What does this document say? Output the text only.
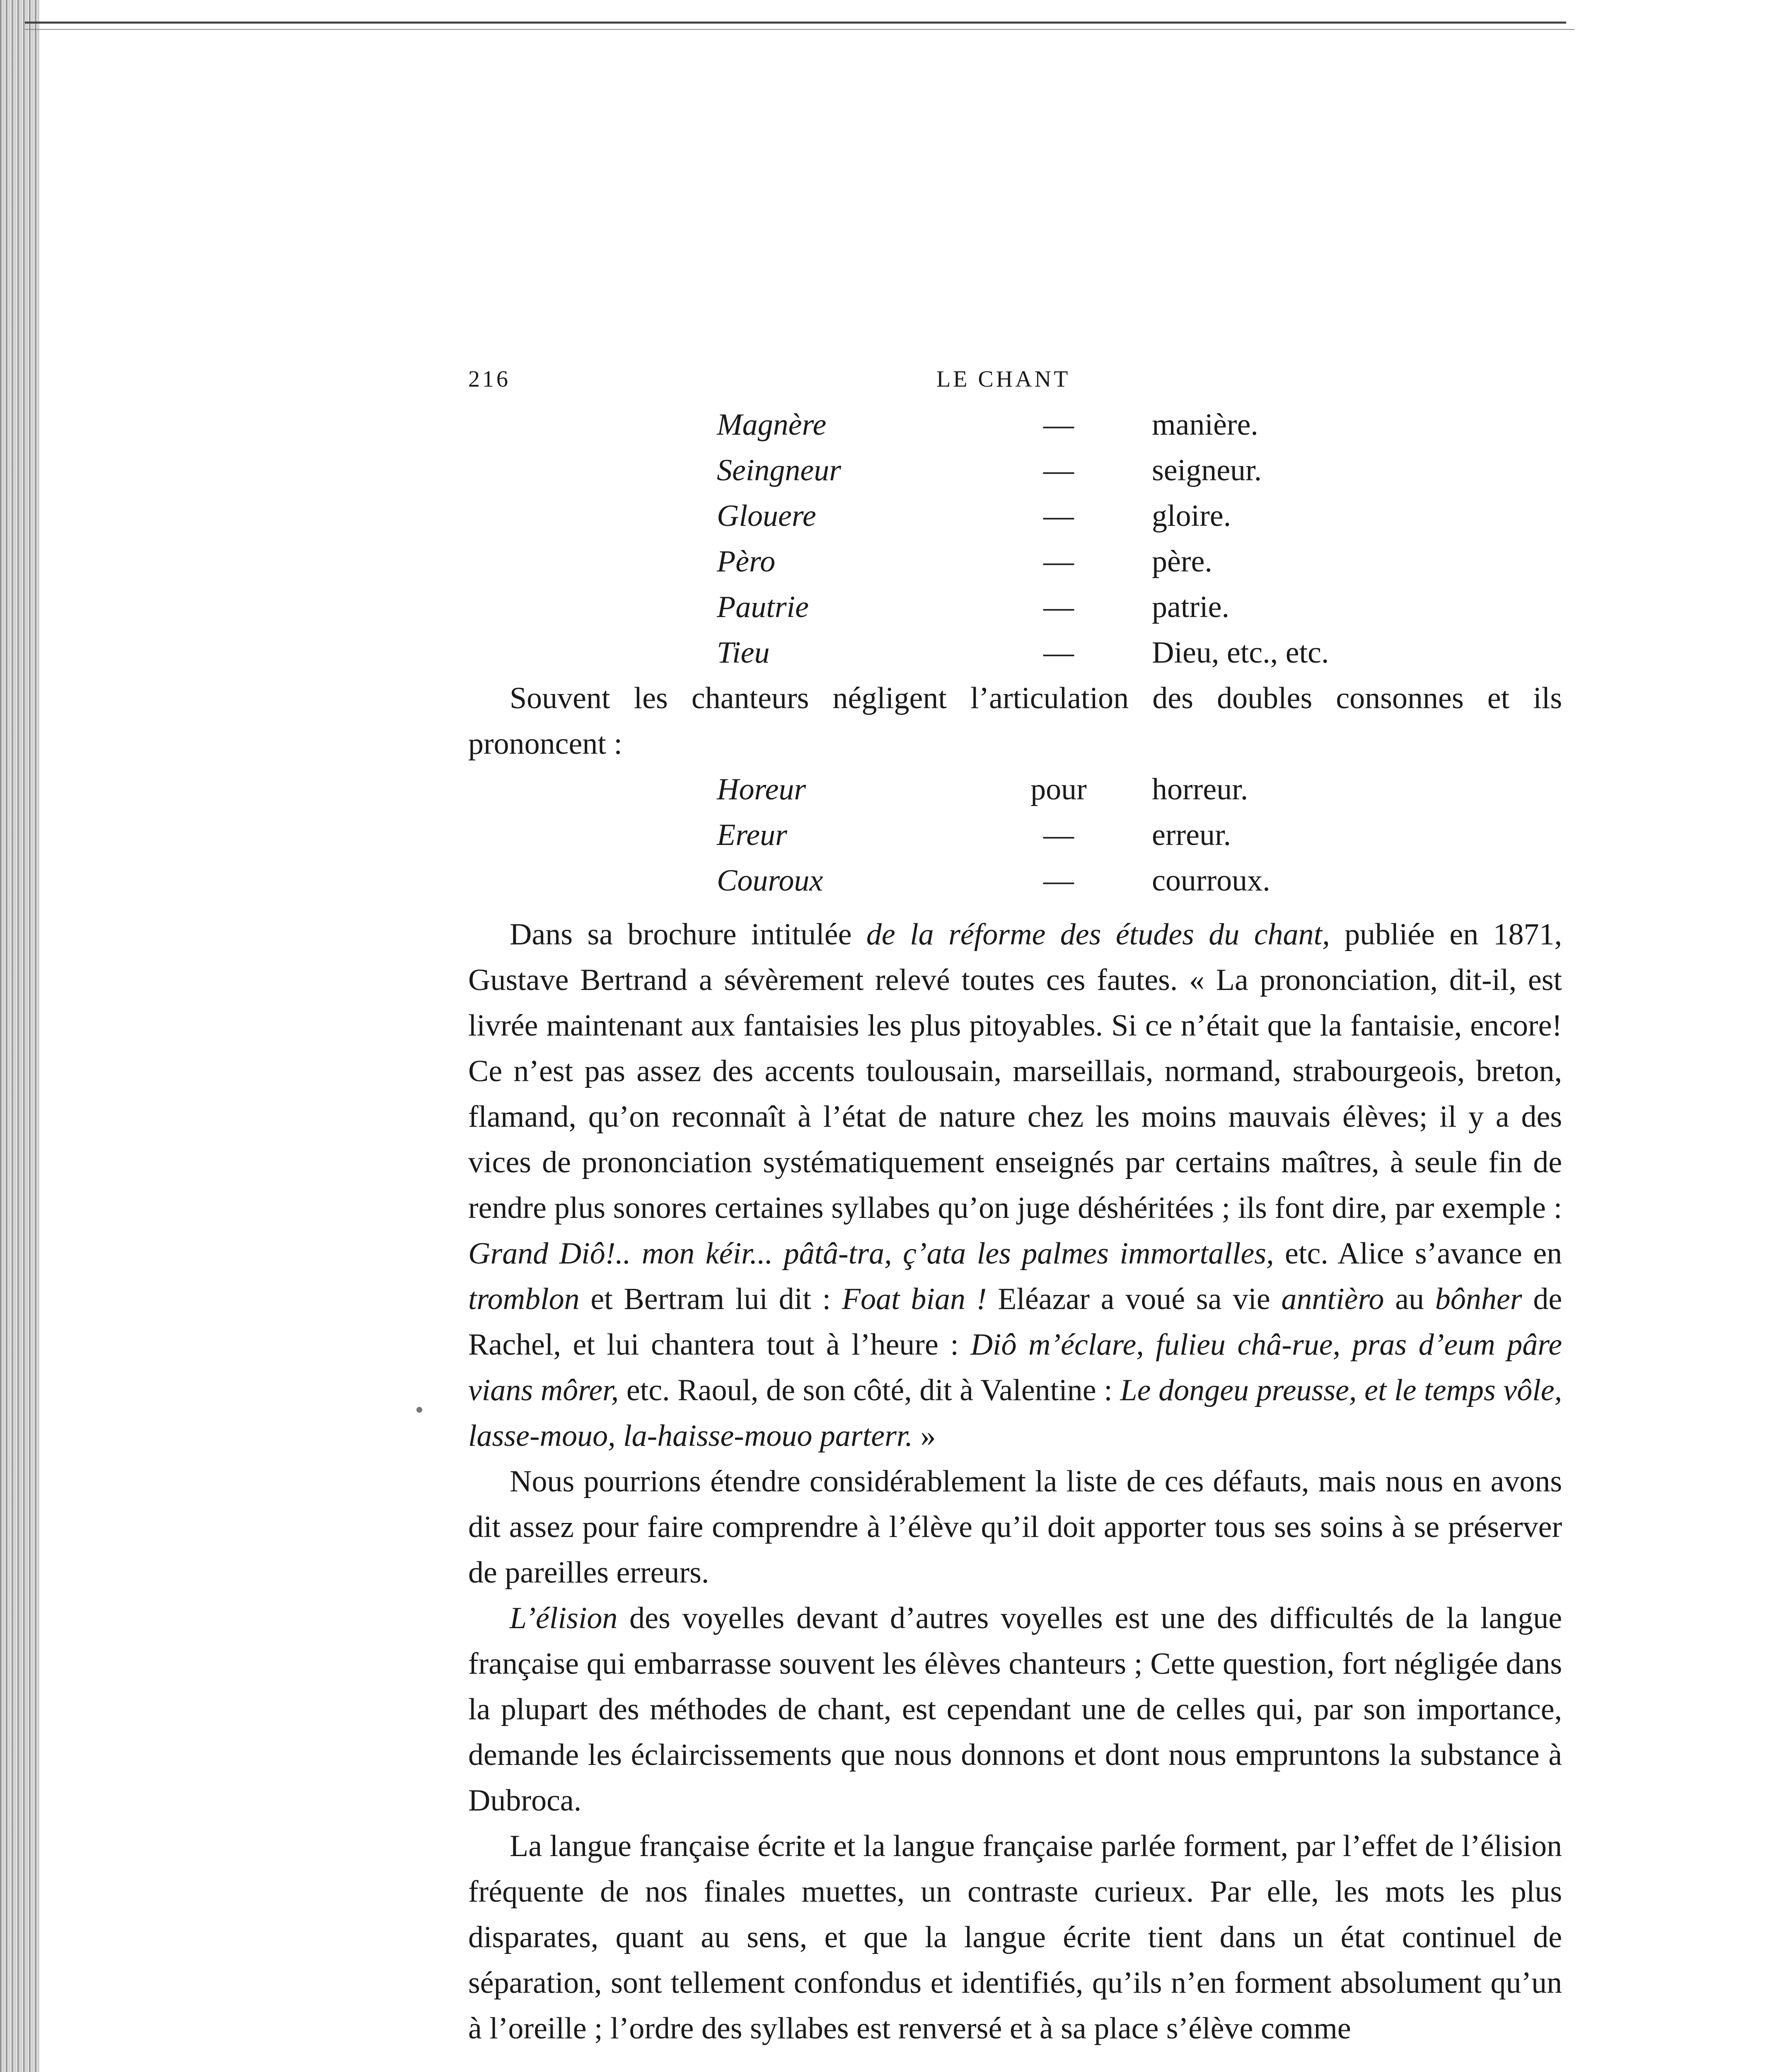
216	LE CHANT
Magnère	—	manière.
Seingneur	—	seigneur.
Glouere	—	gloire.
Pèro	—	père.
Pautrie	—	patrie.
Tieu	—	Dieu, etc., etc.

Souvent les chanteurs négligent l’articulation des doubles consonnes et ils prononcent :

Horeur	pour	horreur.
Ereur	—	erreur.
Couroux	—	courroux.

Dans sa brochure intitulée de la réforme des études du chant, publiée en 1871, Gustave Bertrand a sévèrement relevé toutes ces fautes. « La prononciation, dit-il, est livrée maintenant aux fantaisies les plus pitoyables. Si ce n’était que la fantaisie, encore! Ce n’est pas assez des accents toulousain, marseillais, normand, strabourgeois, breton, flamand, qu’on reconnaît à l’état de nature chez les moins mauvais élèves; il y a des vices de prononciation systématiquement enseignés par certains maîtres, à seule fin de rendre plus sonores certaines syllabes qu’on juge déshéritées ; ils font dire, par exemple : Grand Diô!.. mon kéir... pâtâ-tra, ç’ata les palmes immortalles, etc. Alice s’avance en tromblon et Bertram lui dit : Foat bian ! Eléazar a voué sa vie anntièro au bônher de Rachel, et lui chantera tout à l’heure : Diô m’éclare, fulieu châ-rue, pras d’eum pâre vians môrer, etc. Raoul, de son côté, dit à Valentine : Le dongeu preusse, et le temps vôle, lasse-mouo, la-haisse-mouo parterr. »

Nous pourrions étendre considérablement la liste de ces défauts, mais nous en avons dit assez pour faire comprendre à l’élève qu’il doit apporter tous ses soins à se préserver de pareilles erreurs.

L’élision des voyelles devant d’autres voyelles est une des difficultés de la langue française qui embarrasse souvent les élèves chanteurs ; Cette question, fort négligée dans la plupart des méthodes de chant, est cependant une de celles qui, par son importance, demande les éclaircissements que nous donnons et dont nous empruntons la substance à Dubroca.

La langue française écrite et la langue française parlée forment, par l’effet de l’élision fréquente de nos finales muettes, un contraste curieux. Par elle, les mots les plus disparates, quant au sens, et que la langue écrite tient dans un état continuel de séparation, sont tellement confondus et identifiés, qu’ils n’en forment absolument qu’un à l’oreille ; l’ordre des syllabes est renversé et à sa place s’élève comme
